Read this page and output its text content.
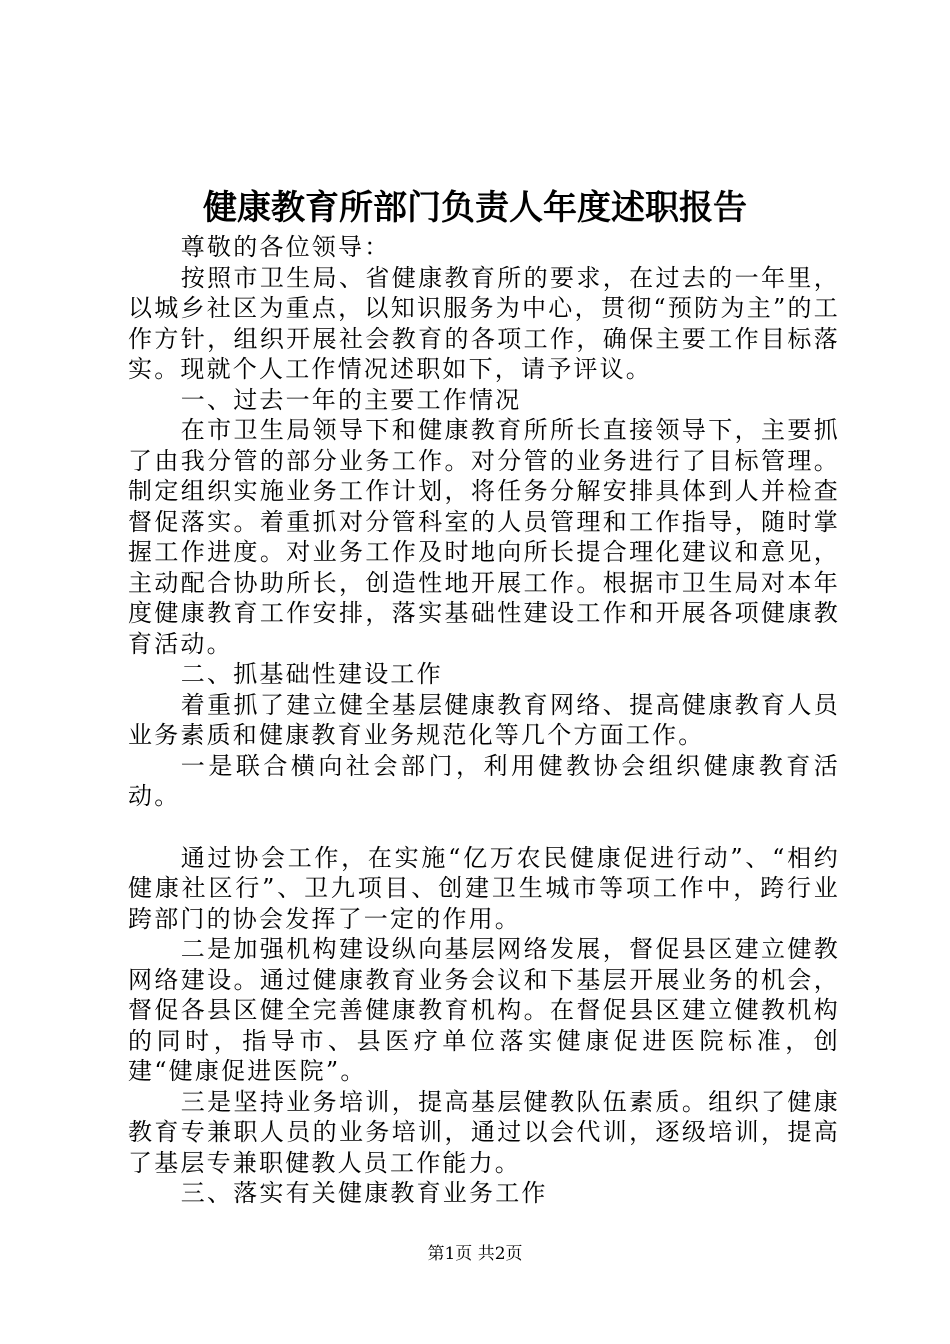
健康教育所部门负责人年度述职报告

尊敬的各位领导：

按照市卫生局、省健康教育所的要求，在过去的一年里，以城乡社区为重点，以知识服务为中心，贯彻“预防为主”的工作方针，组织开展社会教育的各项工作，确保主要工作目标落实。现就个人工作情况述职如下，请予评议。

一、过去一年的主要工作情况

在市卫生局领导下和健康教育所所长直接领导下，主要抓了由我分管的部分业务工作。对分管的业务进行了目标管理。制定组织实施业务工作计划，将任务分解安排具体到人并检查督促落实。着重抓对分管科室的人员管理和工作指导，随时掌握工作进度。对业务工作及时地向所长提合理化建议和意见，主动配合协助所长，创造性地开展工作。根据市卫生局对本年度健康教育工作安排，落实基础性建设工作和开展各项健康教育活动。

二、抓基础性建设工作

着重抓了建立健全基层健康教育网络、提高健康教育人员业务素质和健康教育业务规范化等几个方面工作。

一是联合横向社会部门，利用健教协会组织健康教育活动。

通过协会工作，在实施“亿万农民健康促进行动”、“相约健康社区行”、卫九项目、创建卫生城市等项工作中，跨行业跨部门的协会发挥了一定的作用。

二是加强机构建设纵向基层网络发展，督促县区建立健教网络建设。通过健康教育业务会议和下基层开展业务的机会，督促各县区健全完善健康教育机构。在督促县区建立健教机构的同时，指导市、县医疗单位落实健康促进医院标准，创建“健康促进医院”。

三是坚持业务培训，提高基层健教队伍素质。组织了健康教育专兼职人员的业务培训，通过以会代训，逐级培训，提高了基层专兼职健教人员工作能力。

三、落实有关健康教育业务工作

第1页 共2页
